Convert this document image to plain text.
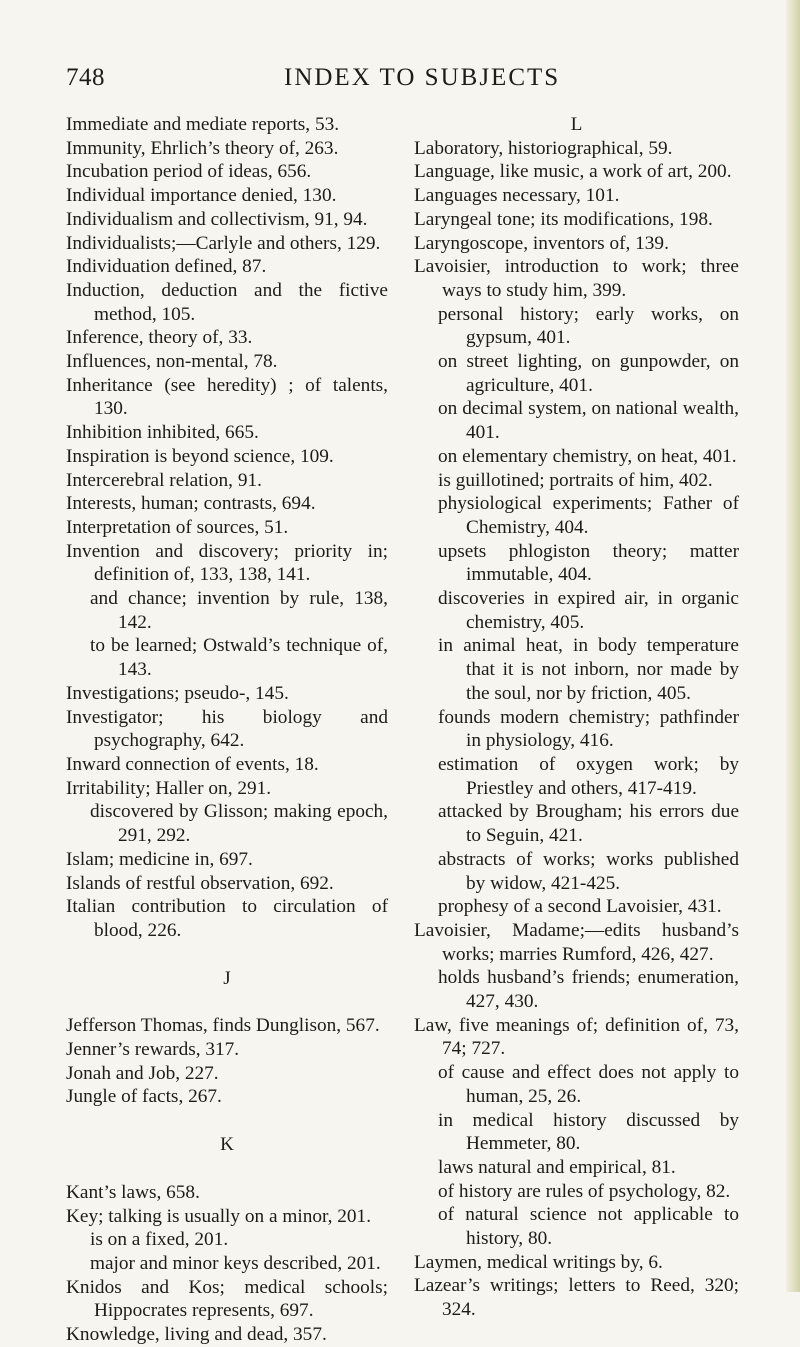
748	INDEX TO SUBJECTS
Immediate and mediate reports, 53.
Immunity, Ehrlich’s theory of, 263.
Incubation period of ideas, 656.
Individual importance denied, 130.
Individualism and collectivism, 91, 94.
Individualists;—Carlyle and others, 129.
Individuation defined, 87.
Induction, deduction and the fictive method, 105.
Inference, theory of, 33.
Influences, non-mental, 78.
Inheritance (see heredity) ; of talents, 130.
Inhibition inhibited, 665.
Inspiration is beyond science, 109.
Intercerebral relation, 91.
Interests, human; contrasts, 694.
Interpretation of sources, 51.
Invention and discovery; priority in; definition of, 133, 138, 141.
and chance; invention by rule, 138, 142.
to be learned; Ostwald’s technique of, 143.
Investigations; pseudo-, 145.
Investigator; his biology and psychography, 642.
Inward connection of events, 18.
Irritability; Haller on, 291.
discovered by Glisson; making epoch, 291, 292.
Islam; medicine in, 697.
Islands of restful observation, 692.
Italian contribution to circulation of blood, 226.
J
Jefferson Thomas, finds Dunglison, 567.
Jenner’s rewards, 317.
Jonah and Job, 227.
Jungle of facts, 267.
K
Kant’s laws, 658.
Key; talking is usually on a minor, 201.
is on a fixed, 201.
major and minor keys described, 201.
Knidos and Kos; medical schools; Hippocrates represents, 697.
Knowledge, living and dead, 357.
L
Laboratory, historiographical, 59.
Language, like music, a work of art, 200.
Languages necessary, 101.
Laryngeal tone; its modifications, 198.
Laryngoscope, inventors of, 139.
Lavoisier, introduction to work; three ways to study him, 399.
personal history; early works, on gypsum, 401.
on street lighting, on gunpowder, on agriculture, 401.
on decimal system, on national wealth, 401.
on elementary chemistry, on heat, 401.
is guillotined; portraits of him, 402.
physiological experiments; Father of Chemistry, 404.
upsets phlogiston theory; matter immutable, 404.
discoveries in expired air, in organic chemistry, 405.
in animal heat, in body temperature that it is not inborn, nor made by the soul, nor by friction, 405.
founds modern chemistry; pathfinder in physiology, 416.
estimation of oxygen work; by Priestley and others, 417-419.
attacked by Brougham; his errors due to Seguin, 421.
abstracts of works; works published by widow, 421-425.
prophesy of a second Lavoisier, 431.
Lavoisier, Madame;—edits husband’s works; marries Rumford, 426, 427.
holds husband’s friends; enumeration, 427, 430.
Law, five meanings of; definition of, 73, 74; 727.
of cause and effect does not apply to human, 25, 26.
in medical history discussed by Hemmeter, 80.
laws natural and empirical, 81.
of history are rules of psychology, 82.
of natural science not applicable to history, 80.
Laymen, medical writings by, 6.
Lazear’s writings; letters to Reed, 320; 324.
